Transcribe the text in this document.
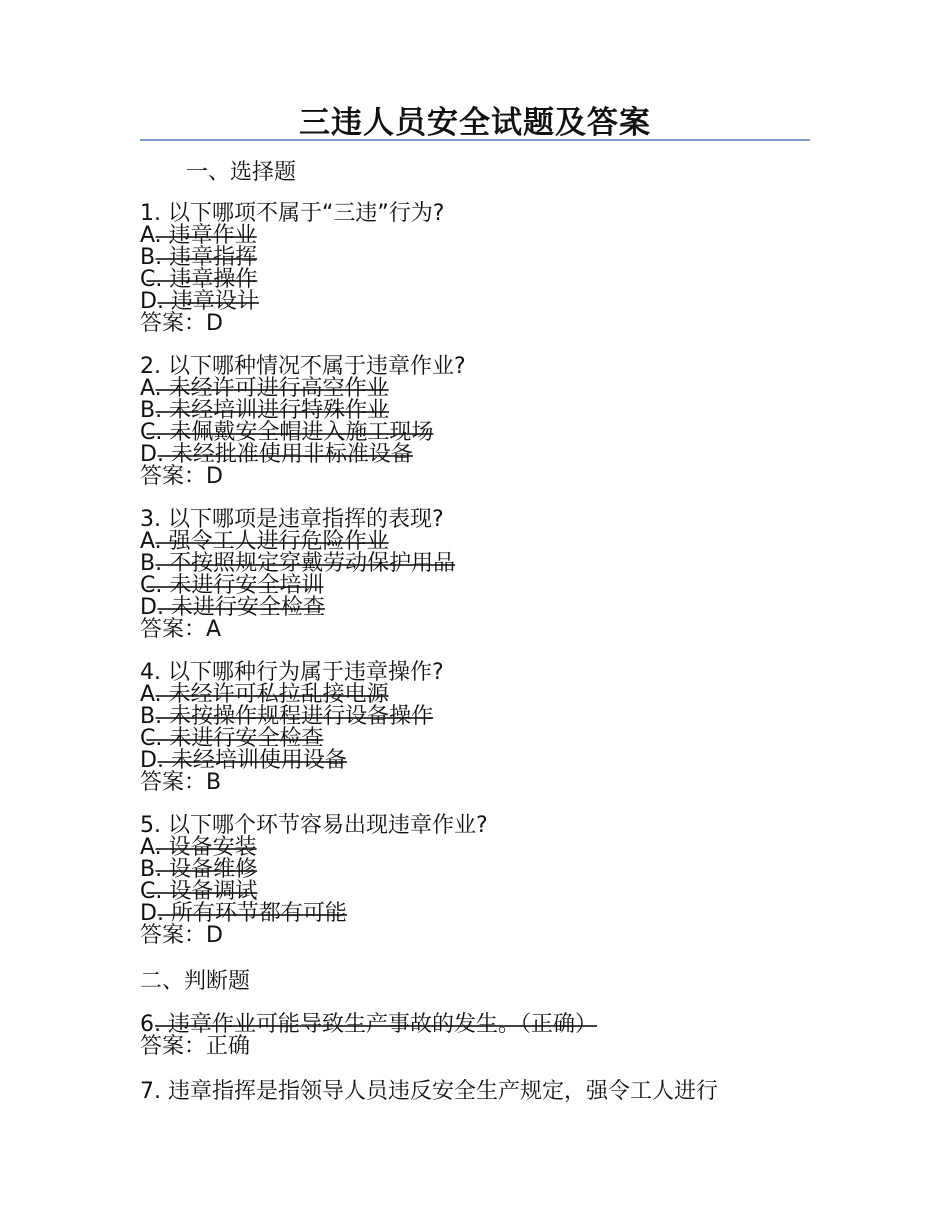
三违人员安全试题及答案
一、选择题
1. 以下哪项不属于“三违”行为?
A. 违章作业
B. 违章指挥
C. 违章操作
D. 违章设计
答案：D
2. 以下哪种情况不属于违章作业?
A. 未经许可进行高空作业
B. 未经培训进行特殊作业
C. 未佩戴安全帽进入施工现场
D. 未经批准使用非标准设备
答案：D
3. 以下哪项是违章指挥的表现?
A. 强令工人进行危险作业
B. 不按照规定穿戴劳动保护用品
C. 未进行安全培训
D. 未进行安全检查
答案：A
4. 以下哪种行为属于违章操作?
A. 未经许可私拉乱接电源
B. 未按操作规程进行设备操作
C. 未进行安全检查
D. 未经培训使用设备
答案：B
5. 以下哪个环节容易出现违章作业?
A. 设备安装
B. 设备维修
C. 设备调试
D. 所有环节都有可能
答案：D
二、判断题
6. 违章作业可能导致生产事故的发生。（正确）
答案：正确
7. 违章指挥是指领导人员违反安全生产规定，强令工人进行
